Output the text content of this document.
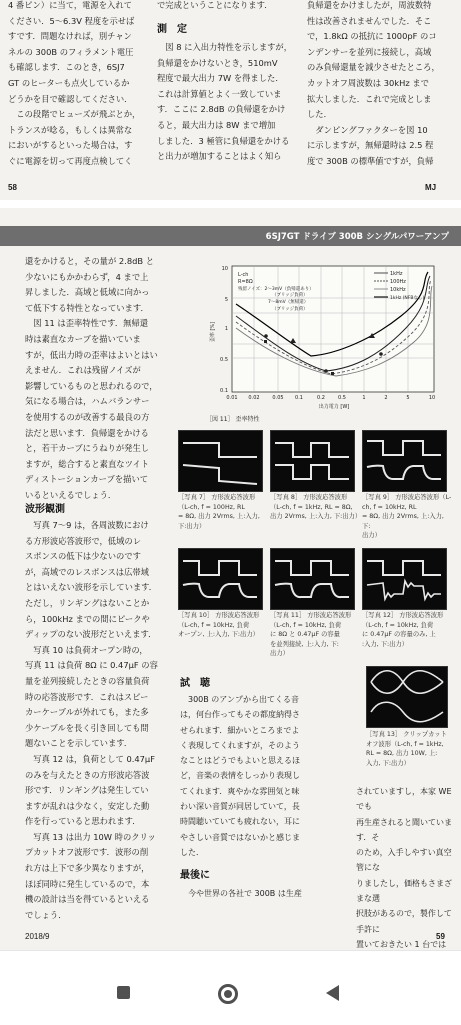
4 番ピン）に当て，電源を入れて
ください．5～6.3V 程度を示せば
すです．問題なければ，別チャン
ネルの 300B のフィラメント電圧
も確認します．このとき，6SJ7
GT のヒーターも点火しているか
どうかを目で確認してください．
　この段階でヒューズが飛ぶとか，
トランスが唸る，もしくは異常な
においがするといった場合は，す
ぐに電源を切って再度点検してく
で完成ということになります．
測　定
　図 8 に入出力特性を示しますが，
負帰還をかけないとき，510mV
程度で最大出力 7W を得ました．
これは計算値とよく一致していま
す．ここに 2.8dB の負帰還をかけ
ると，最大出力は 8W まで増加
しました．3 極管に負帰還をかける
と出力が増加することはよく知ら
負帰還をかけましたが，周波数特
性は改善されませんでした．そこ
で，1.8kΩ の抵抗に 1000pF のコ
ンデンサーを並列に接続し，高域
のみ負帰還量を減少させたところ，
カットオフ周波数は 30kHz まで
拡大しました．これで完成としま
した．
　ダンピングファクターを図 10
に示しますが，無帰還時は 2.5 程
度で 300B の標準値ですが，負帰
58	MJ
6SJ7GT ドライブ 300B シングルパワーアンプ
還をかけると，その量が 2.8dB と
少ないにもかかわらず，4 まで上
昇しました．高域と低域に向かっ
て低下する特性となっています．
　図 11 は歪率特性です．無帰還
時は素直なカーブを描いていま
すが，低出力時の歪率はよいとはい
えません．これは残留ノイズが
影響しているものと思われるので，
気になる場合は，ハムバランサー
を使用するのが改善する最良の方
法だと思います．負帰還をかける
と，若干カーブにうねりが発生し
ますが，総合すると素直なツイト
ディストーションカーブを描いて
いるといえるでしょう．
波形観測
　写真 7～9 は，各周波数におけ
る方形波応答波形で，低域のレ
スポンスの低下は少ないのです
が，高域でのレスポンスは広帯域
とはいえない波形を示しています．
ただし，リンギングはないことか
ら，100kHz までの間にピークや
ディップのない波形だといえます．
　写真 10 は負荷オープン時の，
写真 11 は負荷 8Ω に 0.47μF の容
量を並列接続したときの容量負荷
時の応答波形です．これはスピー
カーケーブルが外れても，また多
少ケーブルを長く引き回しても問
題ないことを示しています．
　写真 12 は，負荷として 0.47μF
のみを与えたときの方形波応答波
形です．リンギングは発生してい
ますが乱れは少なく，安定した動
作を行っていると思われます．
　写真 13 は出力 10W 時のクリッ
プカットオフ波形です．波形の削
れ方は上下で多少異なりますが，
ほぼ同時に発生しているので，本
機の設計は当を得ているといえる
でしょう．
10
5
1
0.5
0.1
0.01 0.02	0.05 0.1	0.2	0.5	1	2	5	10
出力電力 [W]
歪率 [%]
L-ch
R=8Ω
残留ノイズ：2～3mV（負帰還あり）
（ブリッジ負荷）
7～8mV（無帰還）
（ブリッジ負荷）
1kHz
100Hz
10kHz
1kHz (NFBなし)
［図 11］ 歪率特性
［写真 7］ 方形波応答波形（L-ch, f = 100Hz, RL
= 8Ω, 出力 2Vrms, 上:入力, 下:出力）
［写真 8］ 方形波応答波形（L-ch, f = 1kHz, RL = 8Ω,
出力 2Vrms, 上:入力, 下:出力）
［写真 9］ 方形波応答波形（L-ch, f = 10kHz, RL
= 8Ω, 出力 2Vrms, 上:入力, 下:
出力）
［写真 10］ 方形波応答波形（L-ch, f = 10kHz, 負荷
オープン, 上:入力, 下:出力）
［写真 11］ 方形波応答波形（L-ch, f = 10kHz, 負荷
に 8Ω と 0.47μF の容量
を並列接続, 上:入力, 下:
出力）
［写真 12］ 方形波応答波形（L-ch, f = 10kHz, 負荷
に 0.47μF の容量のみ, 上
:入力, 下:出力）
試　聴
　300B のアンプから出てくる音
は，何台作ってもその都度納得さ
せられます．細かいところまでよ
く表現してくれますが，そのよう
なことはどうでもよいと思えるほ
ど，音楽の表情をしっかり表現し
てくれます．爽やかな雰囲気と味
わい深い音質が同居していて，長
時間聴いていても疲れない，耳に
やさしい音質ではないかと感じま
した．
最後に
　今や世界の各社で 300B は生産
［写真 13］ クリップカットオフ波形（L-ch, f = 1kHz,
RL = 8Ω, 出力 10W, 上:
入力, 下:出力）
されていますし，本家 WE でも
再生産されると聞いています．そ
のため，入手しやすい真空管にな
りましたし，価格もさまざまな選
択肢があるので，製作して手許に
置いておきたい 1 台では

2018/9	59
